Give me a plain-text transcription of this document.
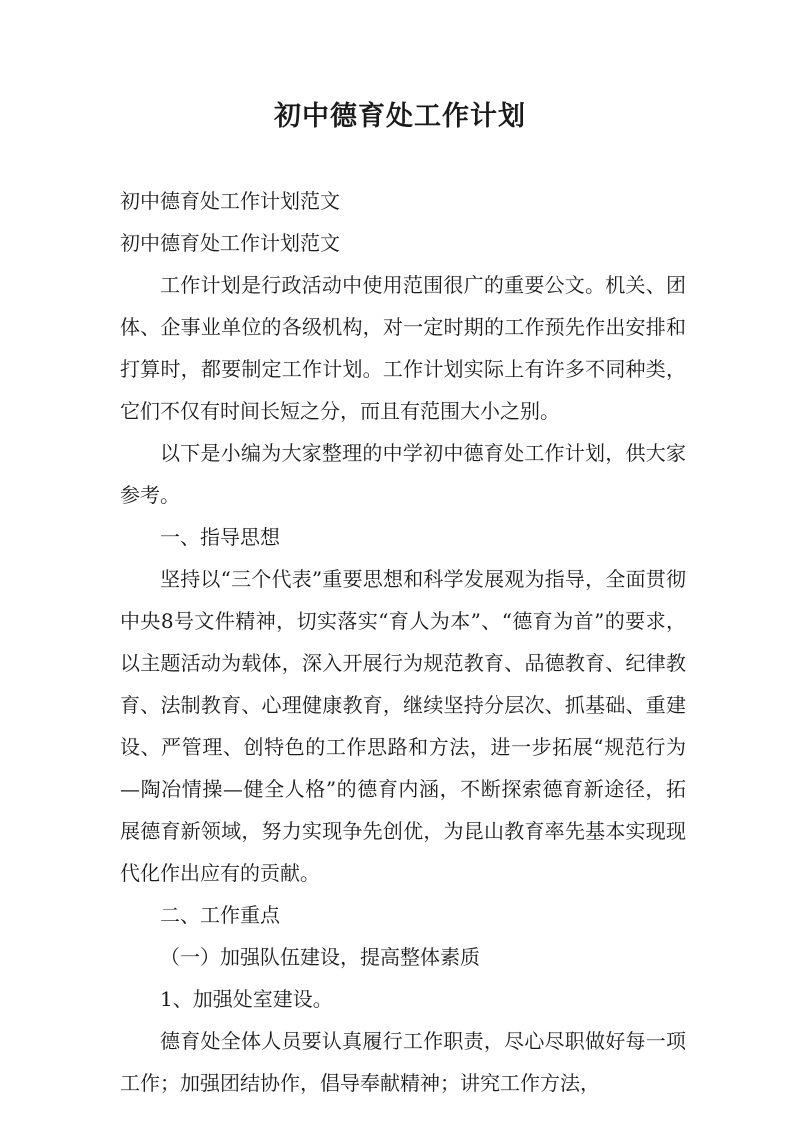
初中德育处工作计划

初中德育处工作计划范文

初中德育处工作计划范文

工作计划是行政活动中使用范围很广的重要公文。机关、团体、企事业单位的各级机构，对一定时期的工作预先作出安排和打算时，都要制定工作计划。工作计划实际上有许多不同种类，它们不仅有时间长短之分，而且有范围大小之别。

以下是小编为大家整理的中学初中德育处工作计划，供大家参考。

一、指导思想

坚持以“三个代表”重要思想和科学发展观为指导，全面贯彻中央8号文件精神，切实落实“育人为本”、“德育为首”的要求，以主题活动为载体，深入开展行为规范教育、品德教育、纪律教育、法制教育、心理健康教育，继续坚持分层次、抓基础、重建设、严管理、创特色的工作思路和方法，进一步拓展“规范行为—陶冶情操—健全人格”的德育内涵，不断探索德育新途径，拓展德育新领域，努力实现争先创优，为昆山教育率先基本实现现代化作出应有的贡献。

二、工作重点

（一）加强队伍建设，提高整体素质

1、加强处室建设。

德育处全体人员要认真履行工作职责，尽心尽职做好每一项工作；加强团结协作，倡导奉献精神；讲究工作方法，
